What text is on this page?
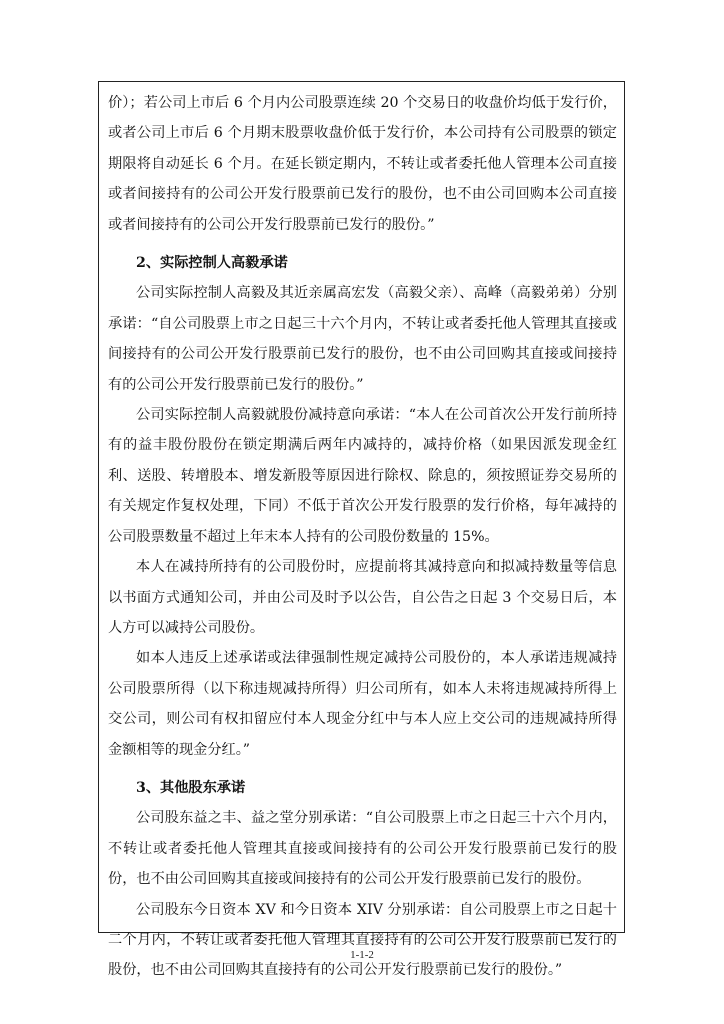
价）；若公司上市后 6 个月内公司股票连续 20 个交易日的收盘价均低于发行价，或者公司上市后 6 个月期末股票收盘价低于发行价，本公司持有公司股票的锁定期限将自动延长 6 个月。在延长锁定期内，不转让或者委托他人管理本公司直接或者间接持有的公司公开发行股票前已发行的股份，也不由公司回购本公司直接或者间接持有的公司公开发行股票前已发行的股份。”

2、实际控制人高毅承诺

公司实际控制人高毅及其近亲属高宏发（高毅父亲）、高峰（高毅弟弟）分别承诺：“自公司股票上市之日起三十六个月内，不转让或者委托他人管理其直接或间接持有的公司公开发行股票前已发行的股份，也不由公司回购其直接或间接持有的公司公开发行股票前已发行的股份。”

公司实际控制人高毅就股份减持意向承诺：“本人在公司首次公开发行前所持有的益丰股份股份在锁定期满后两年内减持的，减持价格（如果因派发现金红利、送股、转增股本、增发新股等原因进行除权、除息的，须按照证券交易所的有关规定作复权处理，下同）不低于首次公开发行股票的发行价格，每年减持的公司股票数量不超过上年末本人持有的公司股份数量的 15%。

本人在减持所持有的公司股份时，应提前将其减持意向和拟减持数量等信息以书面方式通知公司，并由公司及时予以公告，自公告之日起 3 个交易日后，本人方可以减持公司股份。

如本人违反上述承诺或法律强制性规定减持公司股份的，本人承诺违规减持公司股票所得（以下称违规减持所得）归公司所有，如本人未将违规减持所得上交公司，则公司有权扣留应付本人现金分红中与本人应上交公司的违规减持所得金额相等的现金分红。”

3、其他股东承诺

公司股东益之丰、益之堂分别承诺：“自公司股票上市之日起三十六个月内，不转让或者委托他人管理其直接或间接持有的公司公开发行股票前已发行的股份，也不由公司回购其直接或间接持有的公司公开发行股票前已发行的股份。

公司股东今日资本 XV 和今日资本 XIV 分别承诺：自公司股票上市之日起十二个月内，不转让或者委托他人管理其直接持有的公司公开发行股票前已发行的股份，也不由公司回购其直接持有的公司公开发行股票前已发行的股份。”

1-1-2
